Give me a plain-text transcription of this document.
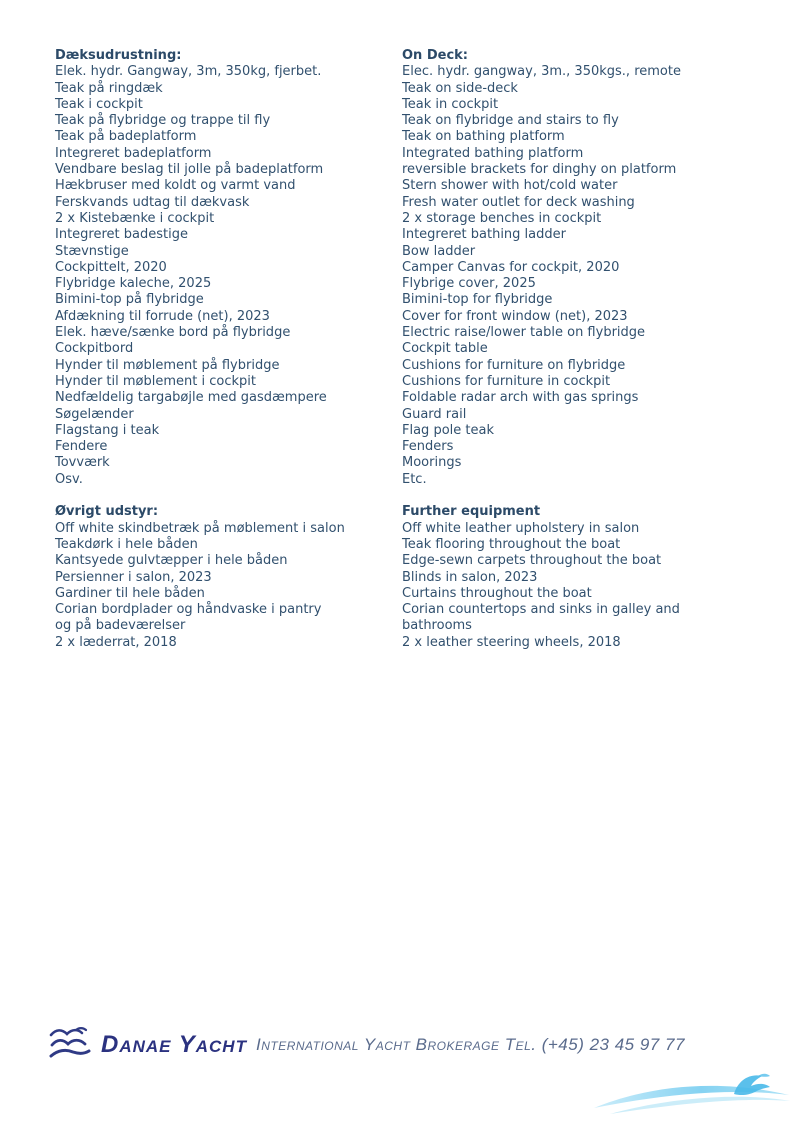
Dæksudrustning:
Elek. hydr. Gangway, 3m, 350kg, fjerbet.
Teak på ringdæk
Teak i cockpit
Teak på flybridge og trappe til fly
Teak på badeplatform
Integreret badeplatform
Vendbare beslag til jolle på badeplatform
Hækbruser med koldt og varmt vand
Ferskvands udtag til dækvask
2 x Kistebænke i cockpit
Integreret badestige
Stævnstige
Cockpittelt, 2020
Flybridge kaleche, 2025
Bimini-top på flybridge
Afdækning til forrude (net), 2023
Elek. hæve/sænke bord på flybridge
Cockpitbord
Hynder til møblement på flybridge
Hynder til møblement i cockpit
Nedfældelig targabøjle med gasdæmpere
Søgelænder
Flagstang i teak
Fendere
Tovværk
Osv.
Øvrigt udstyr:
Off white skindbetræk på møblement i salon
Teakdørk i hele båden
Kantsyede gulvtæpper i hele båden
Persienner i salon, 2023
Gardiner til hele båden
Corian bordplader og håndvaske i pantry
og på badeværelser
2 x læderrat, 2018
On Deck:
Elec. hydr. gangway, 3m., 350kgs., remote
Teak on side-deck
Teak in cockpit
Teak on flybridge and stairs to fly
Teak on bathing platform
Integrated bathing platform
reversible brackets for dinghy on platform
Stern shower with hot/cold water
Fresh water outlet for deck washing
2 x storage benches in cockpit
Integreret bathing ladder
Bow ladder
Camper Canvas for cockpit, 2020
Flybrige cover, 2025
Bimini-top for flybridge
Cover for front window (net), 2023
Electric raise/lower table on flybridge
Cockpit table
Cushions for furniture on flybridge
Cushions for furniture in cockpit
Foldable radar arch with gas springs
Guard rail
Flag pole teak
Fenders
Moorings
Etc.
Further equipment
Off white leather upholstery in salon
Teak flooring throughout the boat
Edge-sewn carpets throughout the boat
Blinds in salon, 2023
Curtains throughout the boat
Corian countertops and sinks in galley and
bathrooms
2 x leather steering wheels, 2018
Danae Yacht International Yacht Brokerage Tel. (+45) 23 45 97 77
